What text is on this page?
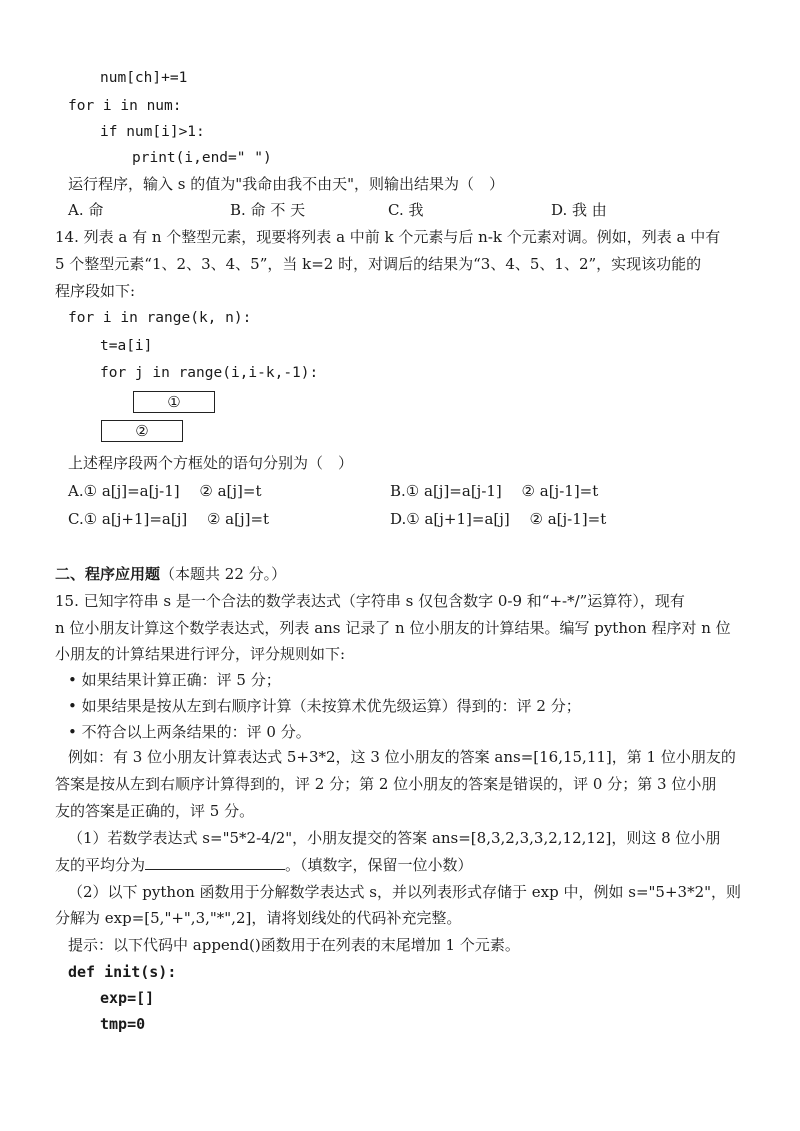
num[ch]+=1
for i in num:
if num[i]>1:
print(i,end=" ")
运行程序，输入 s 的值为"我命由我不由天"，则输出结果为（　）
A. 命	B. 命 不 天	C. 我	D. 我 由
14. 列表 a 有 n 个整型元素，现要将列表 a 中前 k 个元素与后 n-k 个元素对调。例如，列表 a 中有
5 个整型元素“1、2、3、4、5”，当 k=2 时，对调后的结果为“3、4、5、1、2”，实现该功能的
程序段如下:
for i in range(k, n):
t=a[i]
for j in range(i,i-k,-1):
①
②
上述程序段两个方框处的语句分别为（　）
A.① a[j]=a[j-1]　 ② a[j]=t	B.① a[j]=a[j-1]　 ② a[j-1]=t
C.① a[j+1]=a[j]　 ② a[j]=t	D.① a[j+1]=a[j]　 ② a[j-1]=t
二、程序应用题（本题共 22 分。）
15. 已知字符串 s 是一个合法的数学表达式（字符串 s 仅包含数字 0-9 和“+-*/”运算符），现有
n 位小朋友计算这个数学表达式，列表 ans 记录了 n 位小朋友的计算结果。编写 python 程序对 n 位
小朋友的计算结果进行评分，评分规则如下:
• 如果结果计算正确：评 5 分；
• 如果结果是按从左到右顺序计算（未按算术优先级运算）得到的：评 2 分；
• 不符合以上两条结果的：评 0 分。
例如：有 3 位小朋友计算表达式 5+3*2，这 3 位小朋友的答案 ans=[16,15,11]，第 1 位小朋友的
答案是按从左到右顺序计算得到的，评 2 分；第 2 位小朋友的答案是错误的，评 0 分；第 3 位小朋
友的答案是正确的，评 5 分。
（1）若数学表达式 s="5*2-4/2"，小朋友提交的答案 ans=[8,3,2,3,3,2,12,12]，则这 8 位小朋
友的平均分为	。（填数字，保留一位小数）
（2）以下 python 函数用于分解数学表达式 s，并以列表形式存储于 exp 中，例如 s="5+3*2"，则
分解为 exp=[5,"+",3,"*",2]，请将划线处的代码补充完整。
提示：以下代码中 append()函数用于在列表的末尾增加 1 个元素。
def init(s):
exp=[]
tmp=0
